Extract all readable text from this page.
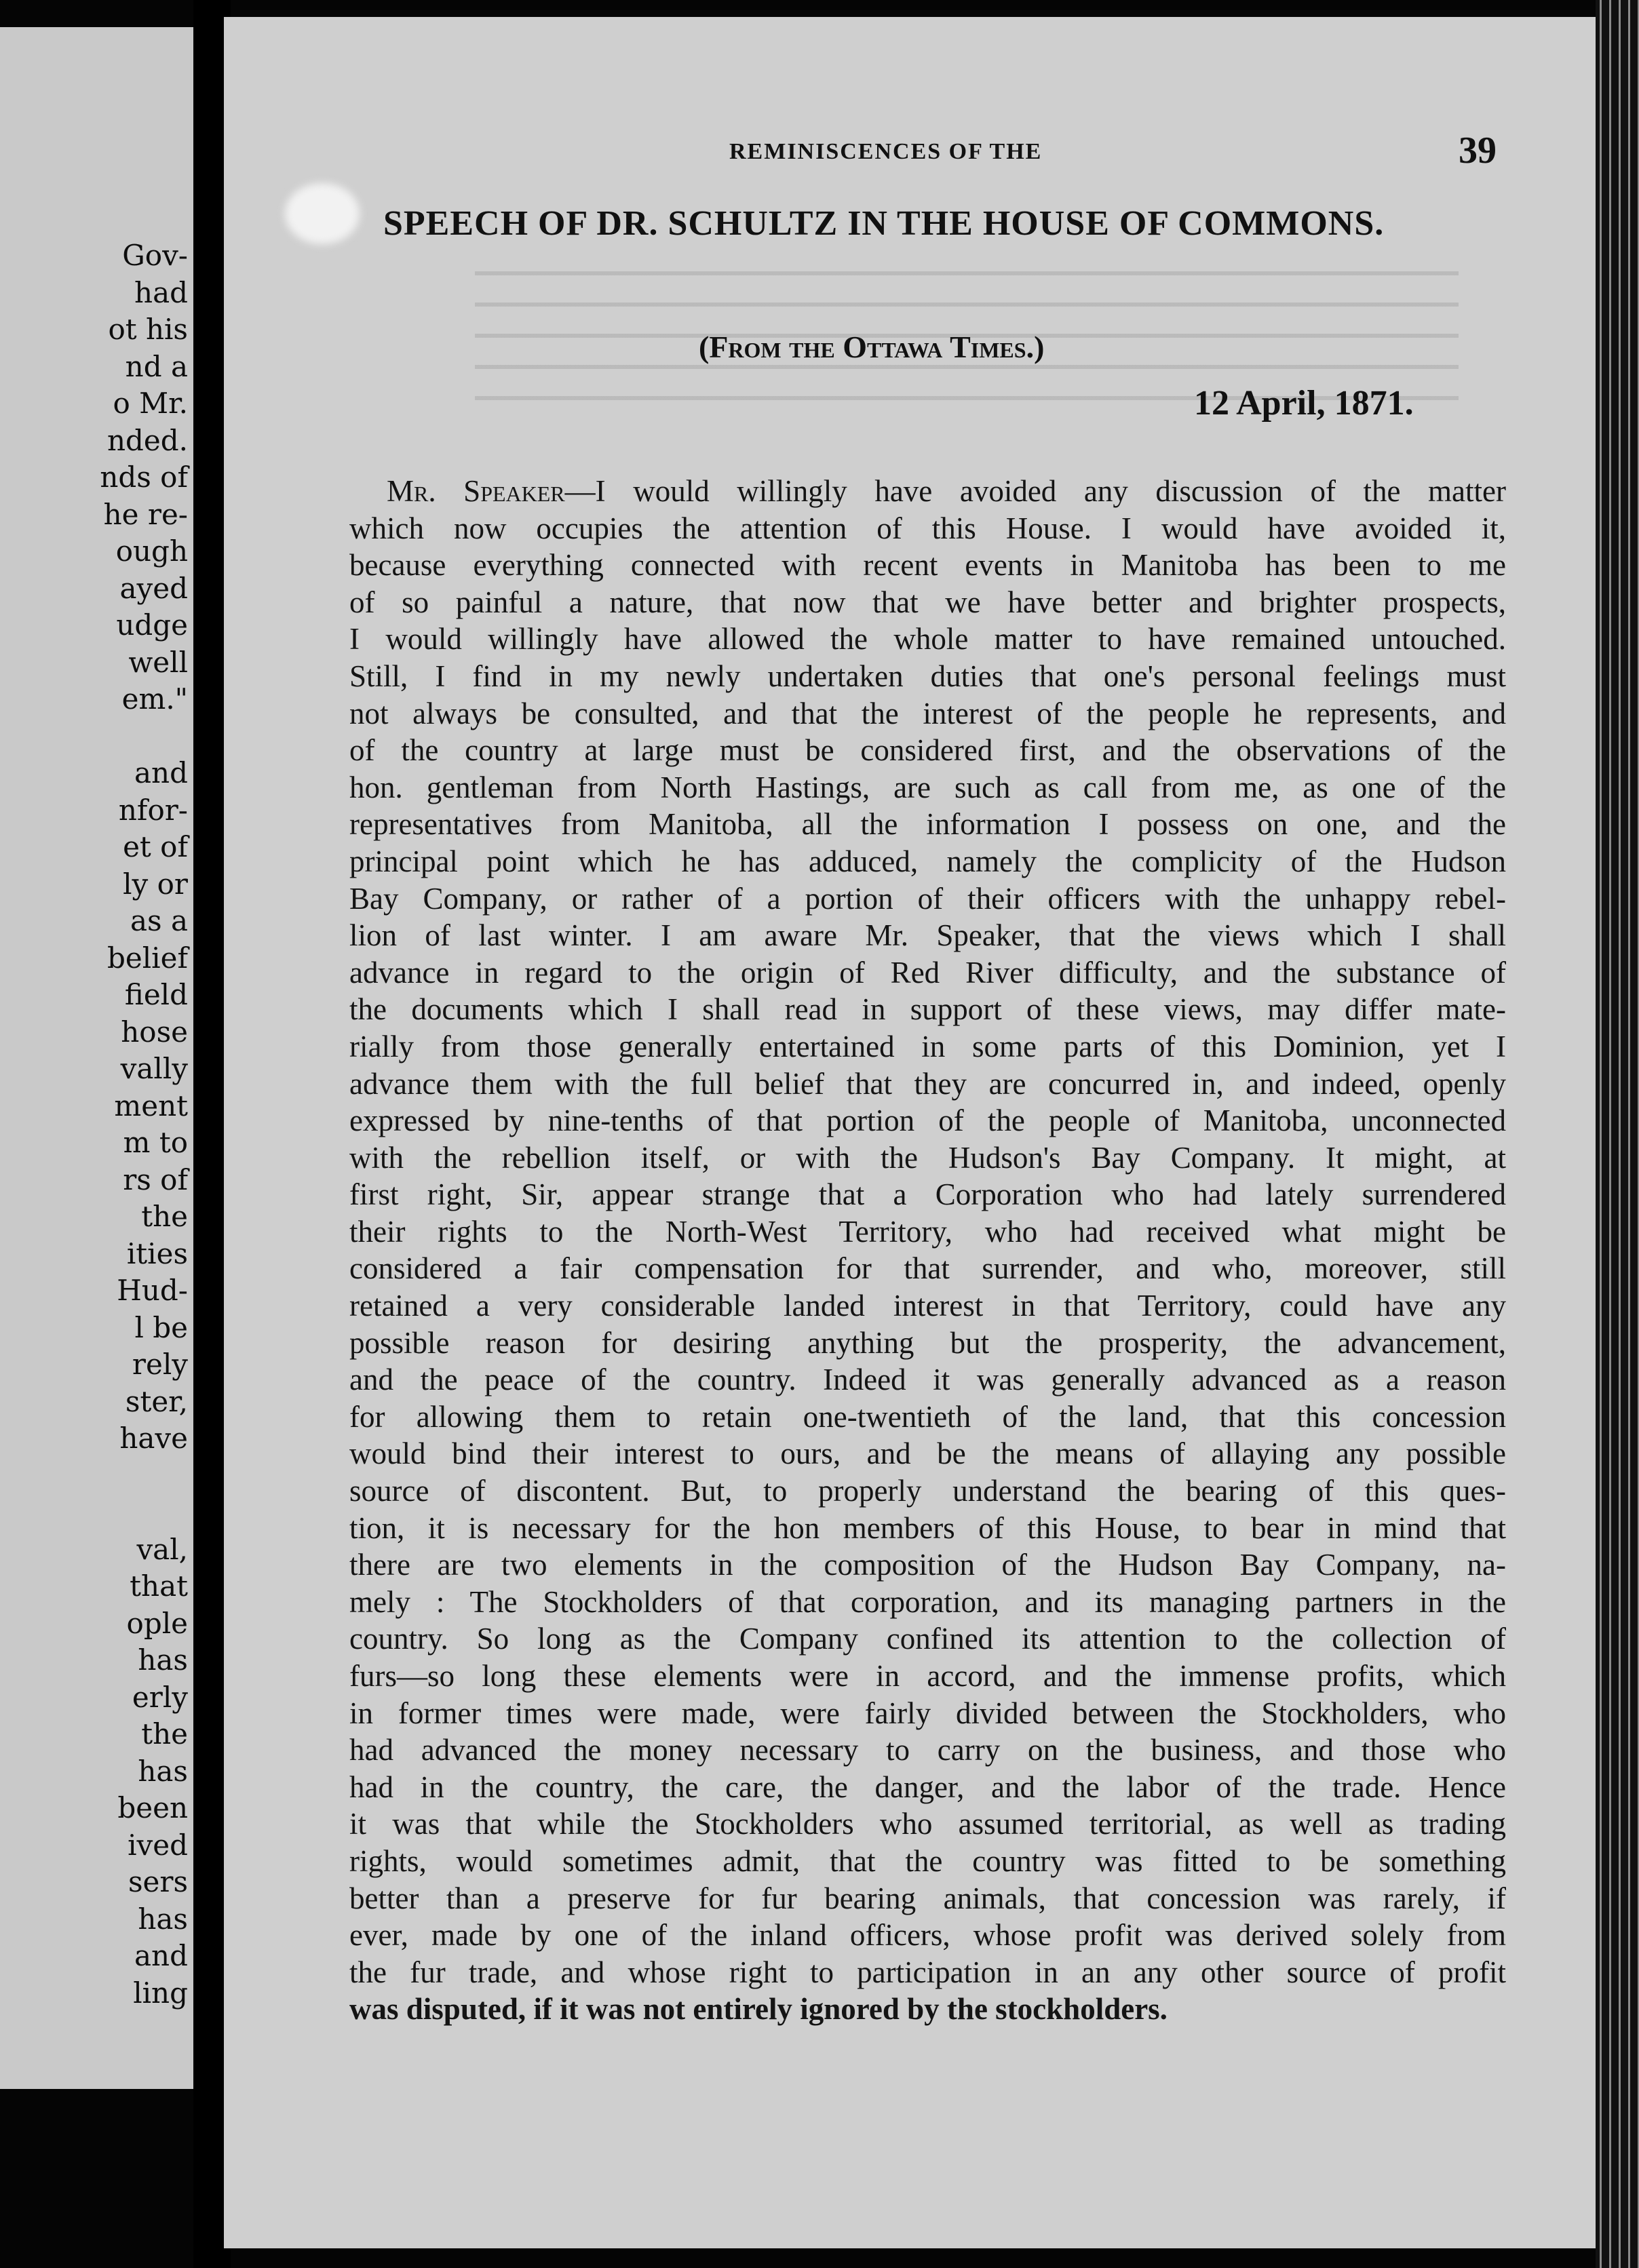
Gov-
had
ot his
nd a
o Mr.
nded.
nds of
he re-
ough
ayed
udge
well
em."
and
nfor-
et of
ly or
as a
belief
field
hose
vally
ment
m to
rs of
the
ities
Hud-
l be
rely
ster,
have
val,
that
ople
has
erly
the
has
been
ived
sers
has
and
ling
REMINISCENCES OF THE	39
SPEECH OF DR. SCHULTZ IN THE HOUSE OF COMMONS.
(From the Ottawa Times.)
12 April, 1871.
Mr. Speaker—I would willingly have avoided any discussion of the matter
which now occupies the attention of this House. I would have avoided it,
because everything connected with recent events in Manitoba has been to me
of so painful a nature, that now that we have better and brighter prospects,
I would willingly have allowed the whole matter to have remained untouched.
Still, I find in my newly undertaken duties that one's personal feelings must
not always be consulted, and that the interest of the people he represents, and
of the country at large must be considered first, and the observations of the
hon. gentleman from North Hastings, are such as call from me, as one of the
representatives from Manitoba, all the information I possess on one, and the
principal point which he has adduced, namely the complicity of the Hudson
Bay Company, or rather of a portion of their officers with the unhappy rebel-
lion of last winter. I am aware Mr. Speaker, that the views which I shall
advance in regard to the origin of Red River difficulty, and the substance of
the documents which I shall read in support of these views, may differ mate-
rially from those generally entertained in some parts of this Dominion, yet I
advance them with the full belief that they are concurred in, and indeed, openly
expressed by nine-tenths of that portion of the people of Manitoba, unconnected
with the rebellion itself, or with the Hudson's Bay Company. It might, at
first right, Sir, appear strange that a Corporation who had lately surrendered
their rights to the North-West Territory, who had received what might be
considered a fair compensation for that surrender, and who, moreover, still
retained a very considerable landed interest in that Territory, could have any
possible reason for desiring anything but the prosperity, the advancement,
and the peace of the country. Indeed it was generally advanced as a reason
for allowing them to retain one-twentieth of the land, that this concession
would bind their interest to ours, and be the means of allaying any possible
source of discontent. But, to properly understand the bearing of this ques-
tion, it is necessary for the hon members of this House, to bear in mind that
there are two elements in the composition of the Hudson Bay Company, na-
mely : The Stockholders of that corporation, and its managing partners in the
country. So long as the Company confined its attention to the collection of
furs—so long these elements were in accord, and the immense profits, which
in former times were made, were fairly divided between the Stockholders, who
had advanced the money necessary to carry on the business, and those who
had in the country, the care, the danger, and the labor of the trade. Hence
it was that while the Stockholders who assumed territorial, as well as trading
rights, would sometimes admit, that the country was fitted to be something
better than a preserve for fur bearing animals, that concession was rarely, if
ever, made by one of the inland officers, whose profit was derived solely from
the fur trade, and whose right to participation in an any other source of profit
was disputed, if it was not entirely ignored by the stockholders.
